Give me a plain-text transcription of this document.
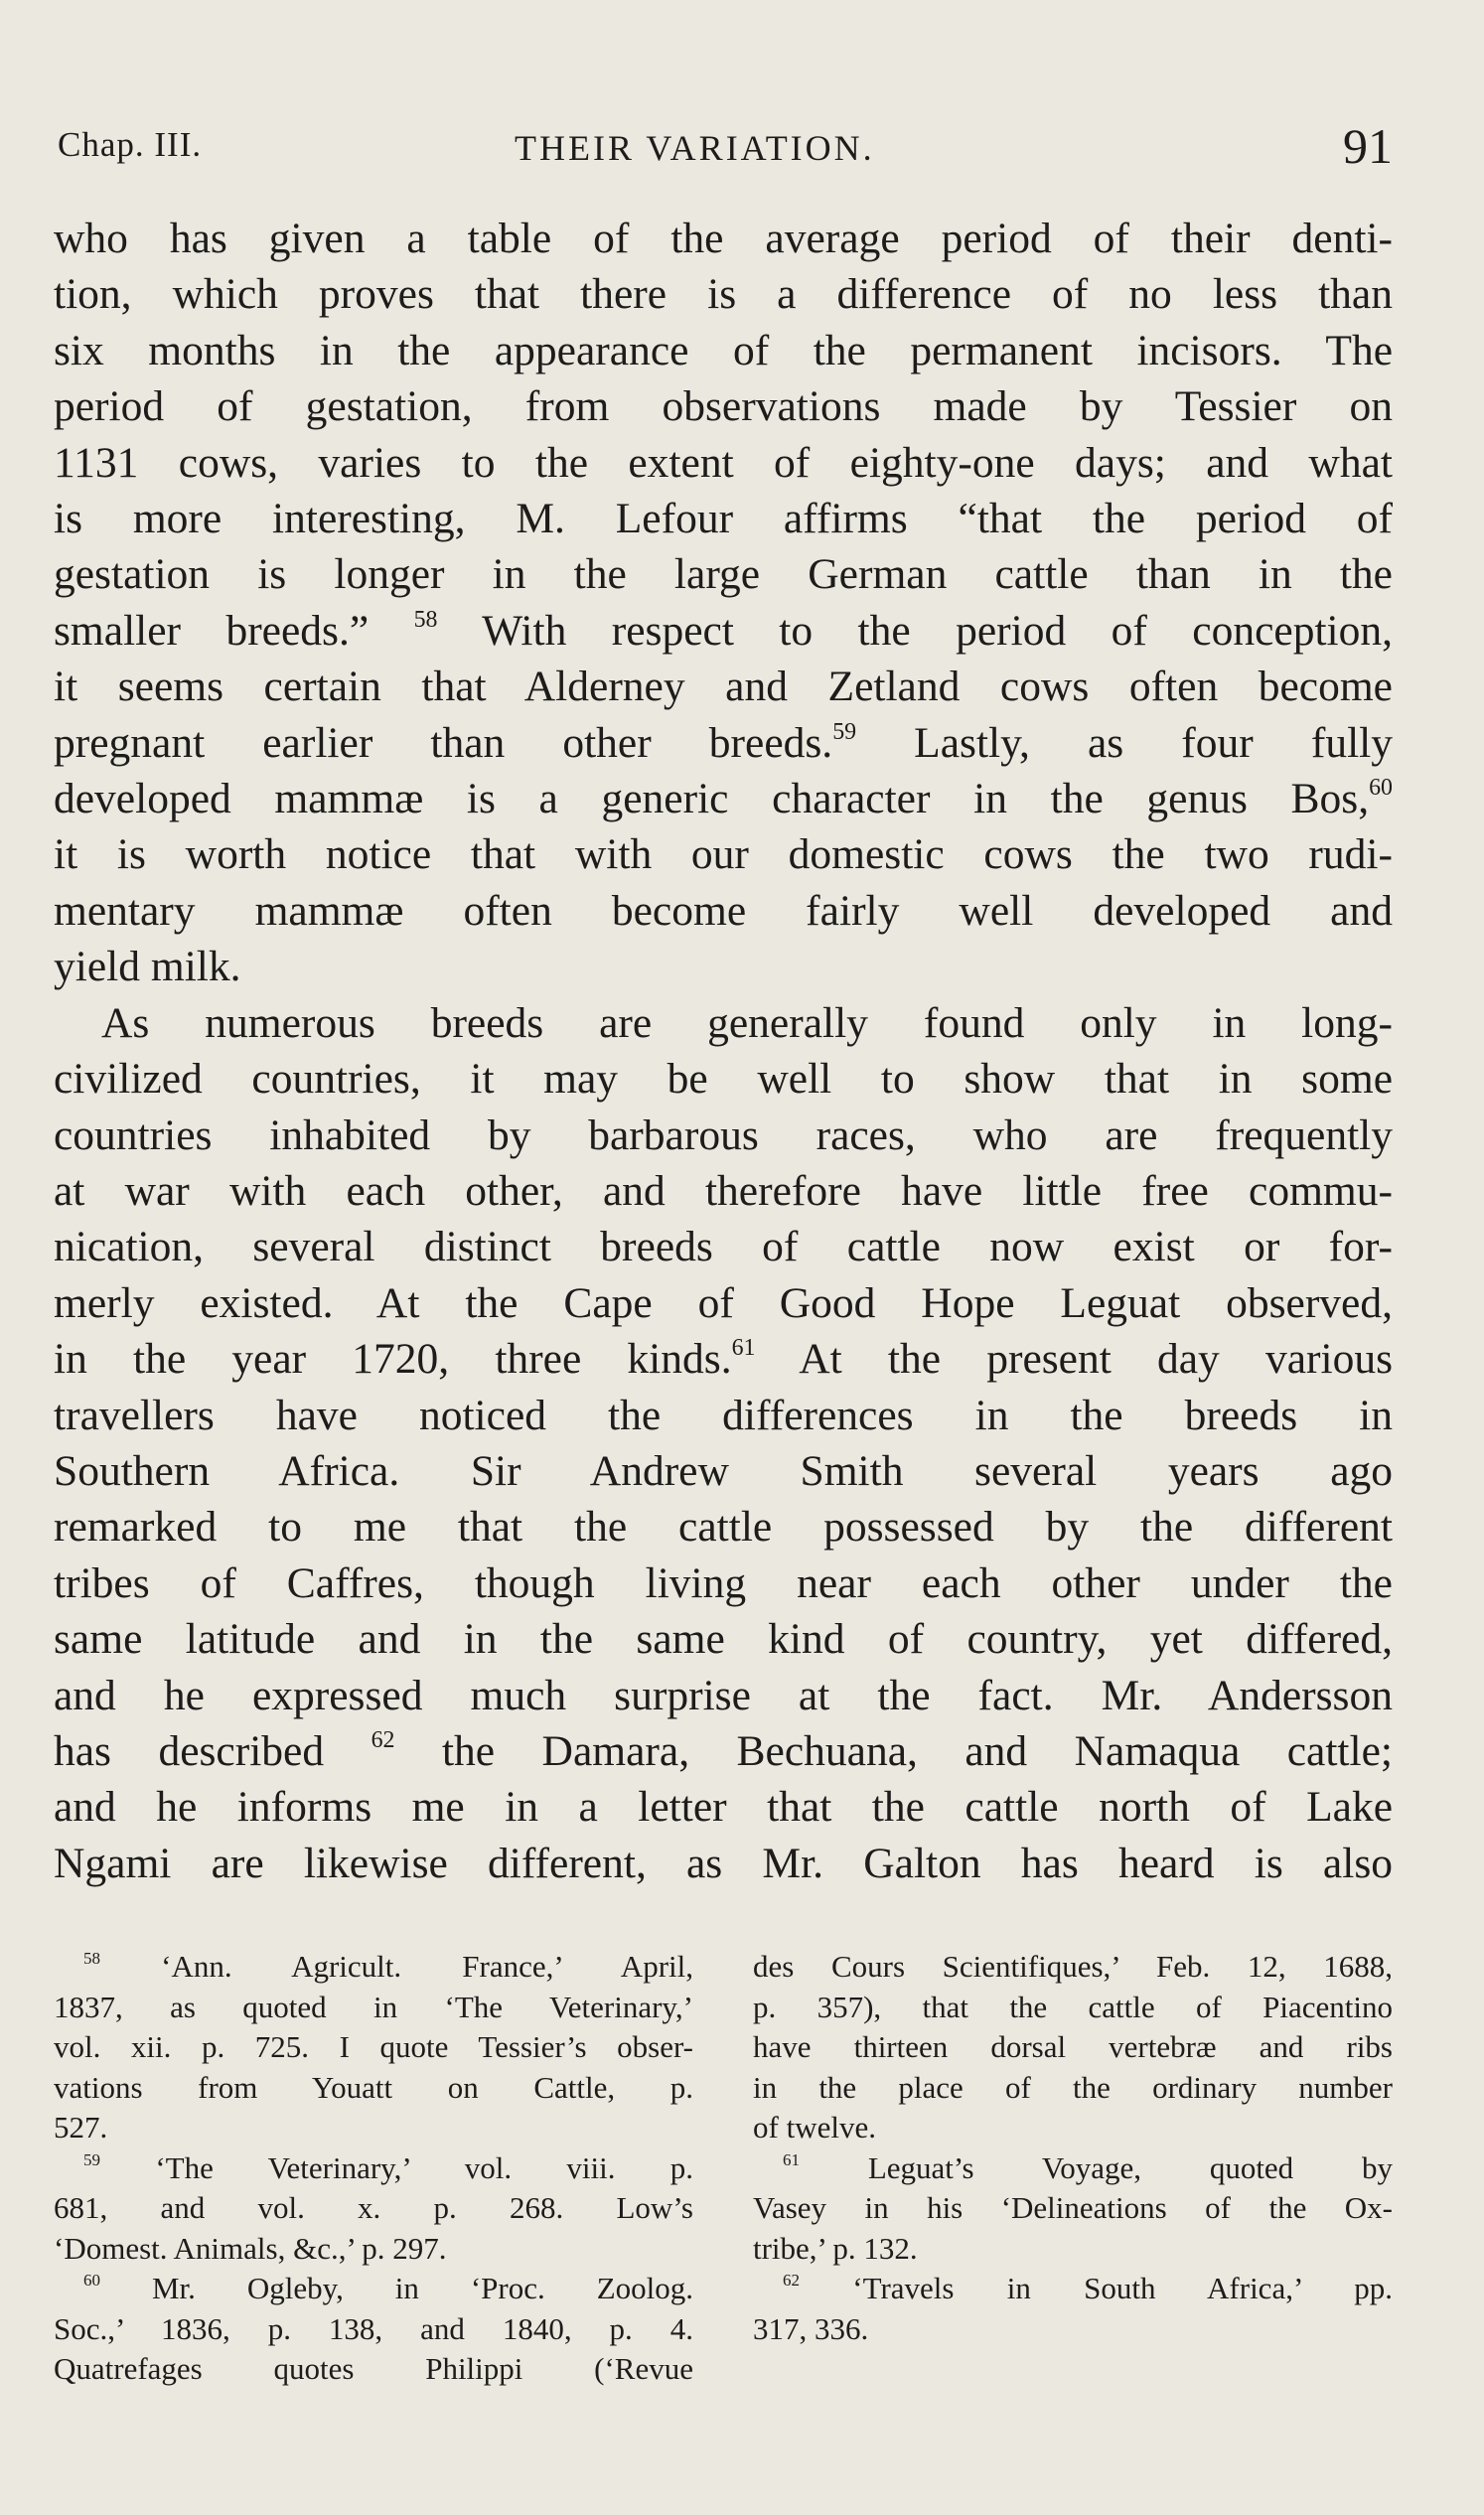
Chap. III.	THEIR VARIATION.	91

who has given a table of the average period of their denti-
tion, which proves that there is a difference of no less than
six months in the appearance of the permanent incisors. The
period of gestation, from observations made by Tessier on
1131 cows, varies to the extent of eighty-one days; and what
is more interesting, M. Lefour affirms “that the period of
gestation is longer in the large German cattle than in the
smaller breeds.” $^{58}$ With respect to the period of conception,
it seems certain that Alderney and Zetland cows often become
pregnant earlier than other breeds.$^{59}$ Lastly, as four fully
developed mammæ is a generic character in the genus Bos,$^{60}$
it is worth notice that with our domestic cows the two rudi-
mentary mammæ often become fairly well developed and
yield milk.

As numerous breeds are generally found only in long-
civilized countries, it may be well to show that in some
countries inhabited by barbarous races, who are frequently
at war with each other, and therefore have little free commu-
nication, several distinct breeds of cattle now exist or for-
merly existed. At the Cape of Good Hope Leguat observed,
in the year 1720, three kinds.$^{61}$ At the present day various
travellers have noticed the differences in the breeds in
Southern Africa. Sir Andrew Smith several years ago
remarked to me that the cattle possessed by the different
tribes of Caffres, though living near each other under the
same latitude and in the same kind of country, yet differed,
and he expressed much surprise at the fact. Mr. Andersson
has described $^{62}$ the Damara, Bechuana, and Namaqua cattle;
and he informs me in a letter that the cattle north of Lake
Ngami are likewise different, as Mr. Galton has heard is also

$^{58}$ ‘Ann. Agricult. France,’ April,
1837, as quoted in ‘The Veterinary,’
vol. xii. p. 725. I quote Tessier’s obser-
vations from Youatt on Cattle, p.
527.
$^{59}$ ‘The Veterinary,’ vol. viii. p.
681, and vol. x. p. 268. Low’s
‘Domest. Animals, &c.,’ p. 297.
$^{60}$ Mr. Ogleby, in ‘Proc. Zoolog.
Soc.,’ 1836, p. 138, and 1840, p. 4.
Quatrefages quotes Philippi (‘Revue
des Cours Scientifiques,’ Feb. 12, 1688,
p. 357), that the cattle of Piacentino
have thirteen dorsal vertebræ and ribs
in the place of the ordinary number
of twelve.
$^{61}$ Leguat’s Voyage, quoted by
Vasey in his ‘Delineations of the Ox-
tribe,’ p. 132.
$^{62}$ ‘Travels in South Africa,’ pp.
317, 336.
